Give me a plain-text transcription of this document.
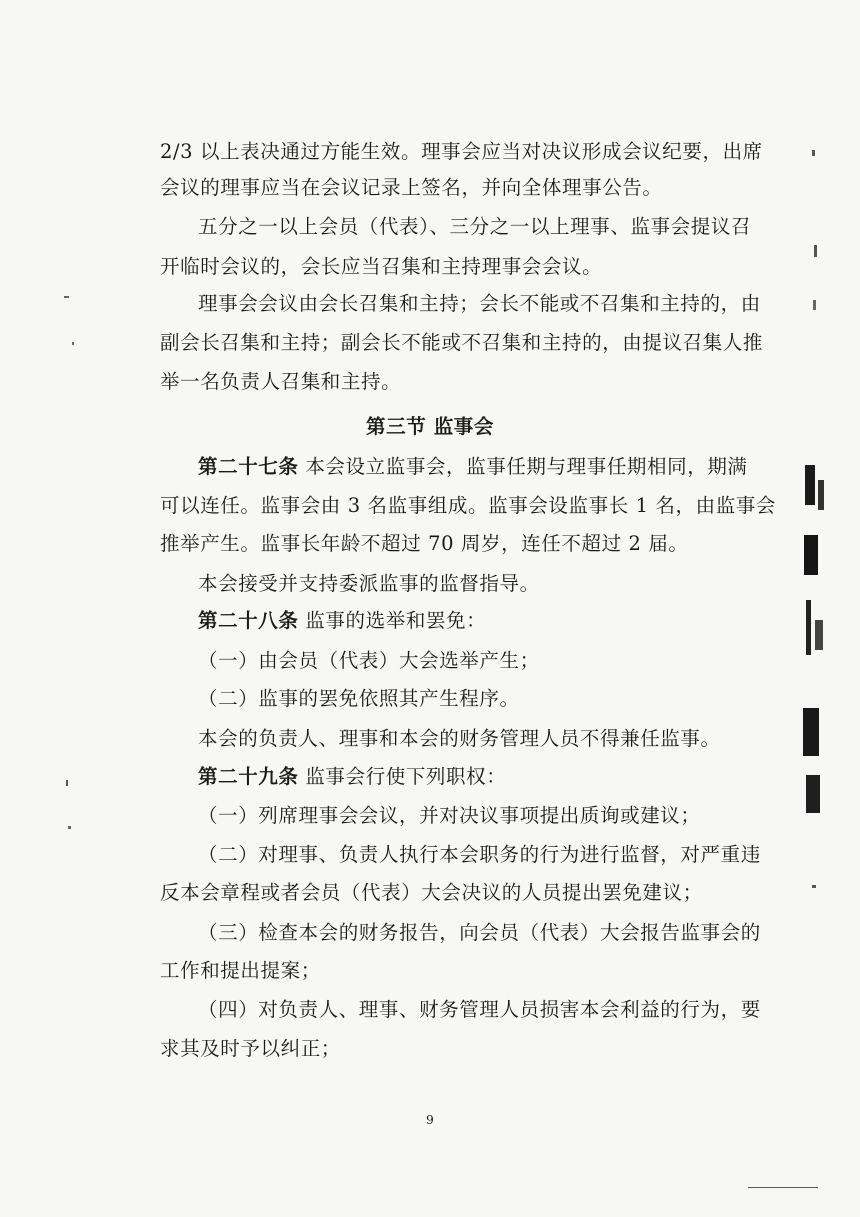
2/3 以上表决通过方能生效。理事会应当对决议形成会议纪要，出席
会议的理事应当在会议记录上签名，并向全体理事公告。
五分之一以上会员（代表）、三分之一以上理事、监事会提议召
开临时会议的，会长应当召集和主持理事会会议。
理事会会议由会长召集和主持；会长不能或不召集和主持的，由
副会长召集和主持；副会长不能或不召集和主持的，由提议召集人推
举一名负责人召集和主持。
第三节 监事会
第二十七条 本会设立监事会，监事任期与理事任期相同，期满
可以连任。监事会由 3 名监事组成。监事会设监事长 1 名，由监事会
推举产生。监事长年龄不超过 70 周岁，连任不超过 2 届。
本会接受并支持委派监事的监督指导。
第二十八条 监事的选举和罢免：
（一）由会员（代表）大会选举产生；
（二）监事的罢免依照其产生程序。
本会的负责人、理事和本会的财务管理人员不得兼任监事。
第二十九条 监事会行使下列职权：
（一）列席理事会会议，并对决议事项提出质询或建议；
（二）对理事、负责人执行本会职务的行为进行监督，对严重违
反本会章程或者会员（代表）大会决议的人员提出罢免建议；
（三）检查本会的财务报告，向会员（代表）大会报告监事会的
工作和提出提案；
（四）对负责人、理事、财务管理人员损害本会利益的行为，要
求其及时予以纠正；
9
